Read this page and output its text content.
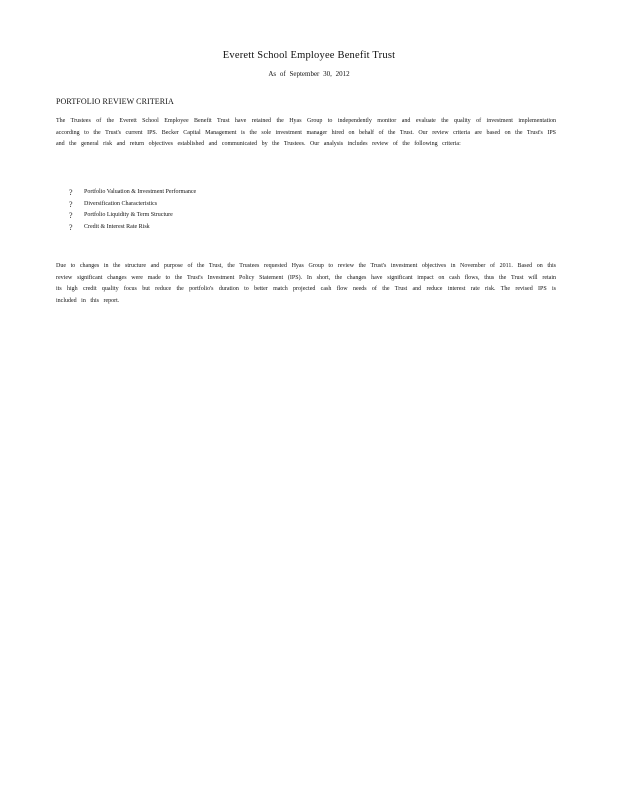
Everett School Employee Benefit Trust
As of September 30, 2012
PORTFOLIO REVIEW CRITERIA
The Trustees of the Everett School Employee Benefit Trust have retained the Hyas Group to independently monitor and evaluate the quality of investment implementation according to the Trust's current IPS. Becker Capital Management is the sole investment manager hired on behalf of the Trust. Our review criteria are based on the Trust's IPS and the general risk and return objectives established and communicated by the Trustees. Our analysis includes review of the following criteria:
?	Portfolio Valuation & Investment Performance
?	Diversification Characteristics
?	Portfolio Liquidity & Term Structure
?	Credit & Interest Rate Risk
Due to changes in the structure and purpose of the Trust, the Trustees requested Hyas Group to review the Trust's investment objectives in November of 2011. Based on this review significant changes were made to the Trust's Investment Policy Statement (IPS). In short, the changes have significant impact on cash flows, thus the Trust will retain its high credit quality focus but reduce the portfolio's duration to better match projected cash flow needs of the Trust and reduce interest rate risk. The revised IPS is included in this report.
